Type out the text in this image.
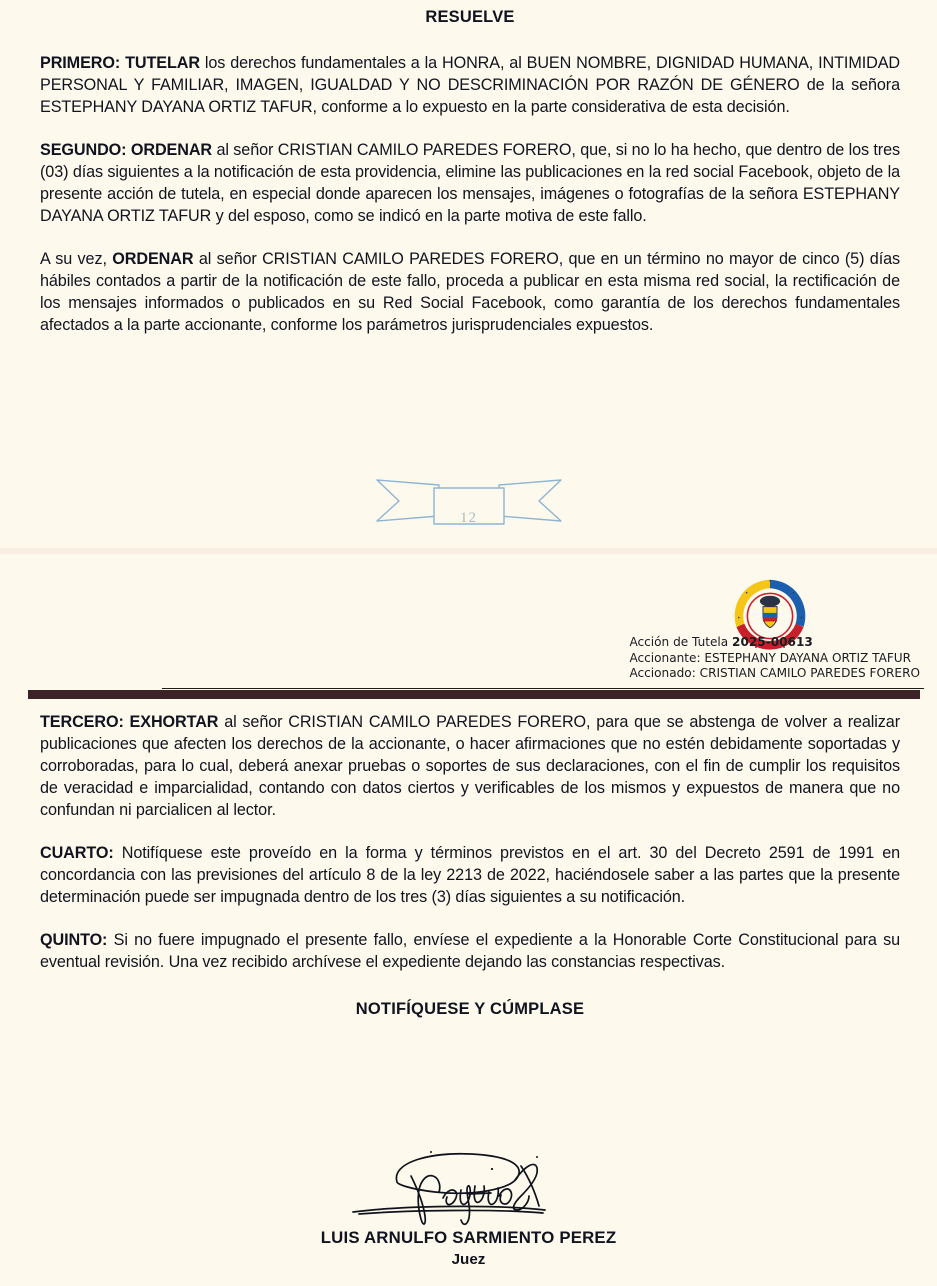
RESUELVE

PRIMERO: TUTELAR los derechos fundamentales a la HONRA, al BUEN NOMBRE, DIGNIDAD HUMANA, INTIMIDAD PERSONAL Y FAMILIAR, IMAGEN, IGUALDAD Y NO DESCRIMINACIÓN POR RAZÓN DE GÉNERO de la señora ESTEPHANY DAYANA ORTIZ TAFUR, conforme a lo expuesto en la parte considerativa de esta decisión.

SEGUNDO: ORDENAR al señor CRISTIAN CAMILO PAREDES FORERO, que, si no lo ha hecho, que dentro de los tres (03) días siguientes a la notificación de esta providencia, elimine las publicaciones en la red social Facebook, objeto de la presente acción de tutela, en especial donde aparecen los mensajes, imágenes o fotografías de la señora ESTEPHANY DAYANA ORTIZ TAFUR y del esposo, como se indicó en la parte motiva de este fallo.

A su vez, ORDENAR al señor CRISTIAN CAMILO PAREDES FORERO, que en un término no mayor de cinco (5) días hábiles contados a partir de la notificación de este fallo, proceda a publicar en esta misma red social, la rectificación de los mensajes informados o publicados en su Red Social Facebook, como garantía de los derechos fundamentales afectados a la parte accionante, conforme los parámetros jurisprudenciales expuestos.

12
Acción de Tutela 2025-00613
Accionante: ESTEPHANY DAYANA ORTIZ TAFUR
Accionado: CRISTIAN CAMILO PAREDES FORERO

TERCERO: EXHORTAR al señor CRISTIAN CAMILO PAREDES FORERO, para que se abstenga de volver a realizar publicaciones que afecten los derechos de la accionante, o hacer afirmaciones que no estén debidamente soportadas y corroboradas, para lo cual, deberá anexar pruebas o soportes de sus declaraciones, con el fin de cumplir los requisitos de veracidad e imparcialidad, contando con datos ciertos y verificables de los mismos y expuestos de manera que no confundan ni parcialicen al lector.

CUARTO: Notifíquese este proveído en la forma y términos previstos en el art. 30 del Decreto 2591 de 1991 en concordancia con las previsiones del artículo 8 de la ley 2213 de 2022, haciéndosele saber a las partes que la presente determinación puede ser impugnada dentro de los tres (3) días siguientes a su notificación.

QUINTO: Si no fuere impugnado el presente fallo, envíese el expediente a la Honorable Corte Constitucional para su eventual revisión. Una vez recibido archívese el expediente dejando las constancias respectivas.

NOTIFÍQUESE Y CÚMPLASE
LUIS ARNULFO SARMIENTO PEREZ
Juez
